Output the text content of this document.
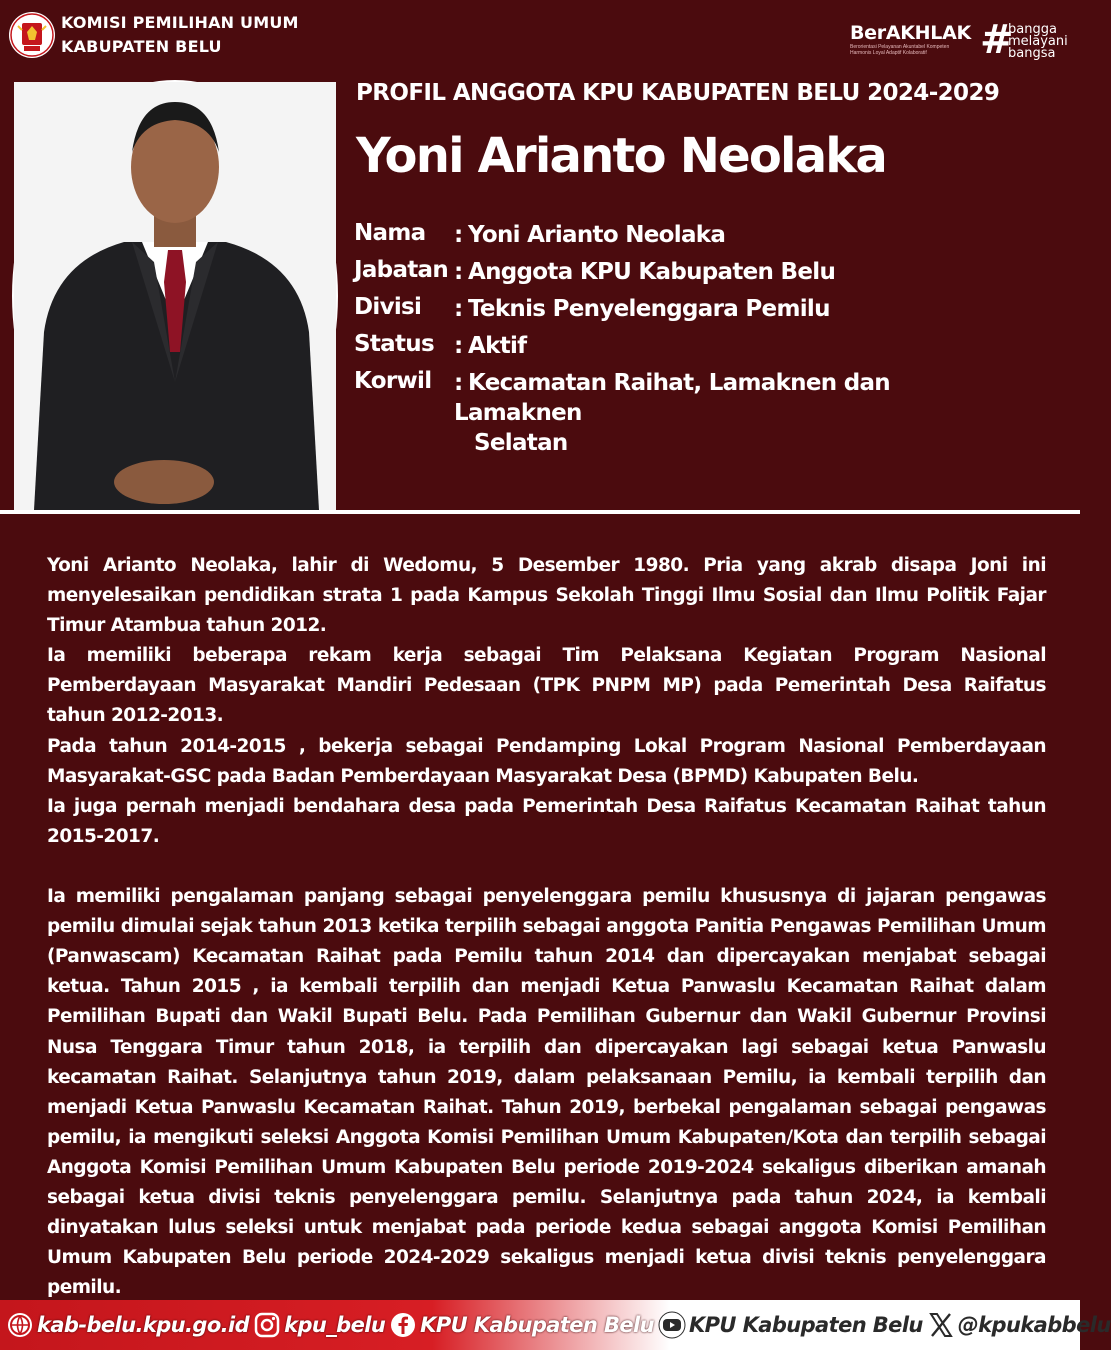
KOMISI PEMILIHAN UMUM
KABUPATEN BELU
BerAKHLAK
Berorientasi Pelayanan Akuntabel Kompeten
Harmonis Loyal Adaptif Kolaboratif	#
bangga
melayani
bangsa
PROFIL ANGGOTA KPU KABUPATEN BELU 2024-2029
Yoni Arianto Neolaka
Nama : Yoni Arianto Neolaka
Jabatan : Anggota KPU Kabupaten Belu
Divisi : Teknis Penyelenggara Pemilu
Status : Aktif
Korwil : Kecamatan Raihat, Lamaknen dan Lamaknen
Selatan

Yoni Arianto Neolaka, lahir di Wedomu, 5 Desember 1980. Pria yang akrab disapa Joni ini menyelesaikan pendidikan strata 1 pada Kampus Sekolah Tinggi Ilmu Sosial dan Ilmu Politik Fajar Timur Atambua tahun 2012.

Ia memiliki beberapa rekam kerja sebagai Tim Pelaksana Kegiatan Program Nasional Pemberdayaan Masyarakat Mandiri Pedesaan (TPK PNPM MP) pada Pemerintah Desa Raifatus tahun 2012-2013.

Pada tahun 2014-2015 , bekerja sebagai Pendamping Lokal Program Nasional Pemberdayaan Masyarakat-GSC pada Badan Pemberdayaan Masyarakat Desa (BPMD) Kabupaten Belu.

Ia juga pernah menjadi bendahara desa pada Pemerintah Desa Raifatus Kecamatan Raihat tahun 2015-2017.

Ia memiliki pengalaman panjang sebagai penyelenggara pemilu khususnya di jajaran pengawas pemilu dimulai sejak tahun 2013 ketika terpilih sebagai anggota Panitia Pengawas Pemilihan Umum (Panwascam) Kecamatan Raihat pada Pemilu tahun 2014 dan dipercayakan menjabat sebagai ketua. Tahun 2015 , ia kembali terpilih dan menjadi Ketua Panwaslu Kecamatan Raihat dalam Pemilihan Bupati dan Wakil Bupati Belu. Pada Pemilihan Gubernur dan Wakil Gubernur Provinsi Nusa Tenggara Timur tahun 2018, ia terpilih dan dipercayakan lagi sebagai ketua Panwaslu kecamatan Raihat. Selanjutnya tahun 2019, dalam pelaksanaan Pemilu, ia kembali terpilih dan menjadi Ketua Panwaslu Kecamatan Raihat. Tahun 2019, berbekal pengalaman sebagai pengawas pemilu, ia mengikuti seleksi Anggota Komisi Pemilihan Umum Kabupaten/Kota dan terpilih sebagai Anggota Komisi Pemilihan Umum Kabupaten Belu periode 2019-2024 sekaligus diberikan amanah sebagai ketua divisi teknis penyelenggara pemilu. Selanjutnya pada tahun 2024, ia kembali dinyatakan lulus seleksi untuk menjabat pada periode kedua sebagai anggota Komisi Pemilihan Umum Kabupaten Belu periode 2024-2029 sekaligus menjadi ketua divisi teknis penyelenggara pemilu.

kab-belu.kpu.go.id kpu_belu KPU Kabupaten Belu KPU Kabupaten Belu @kpukabbelu
